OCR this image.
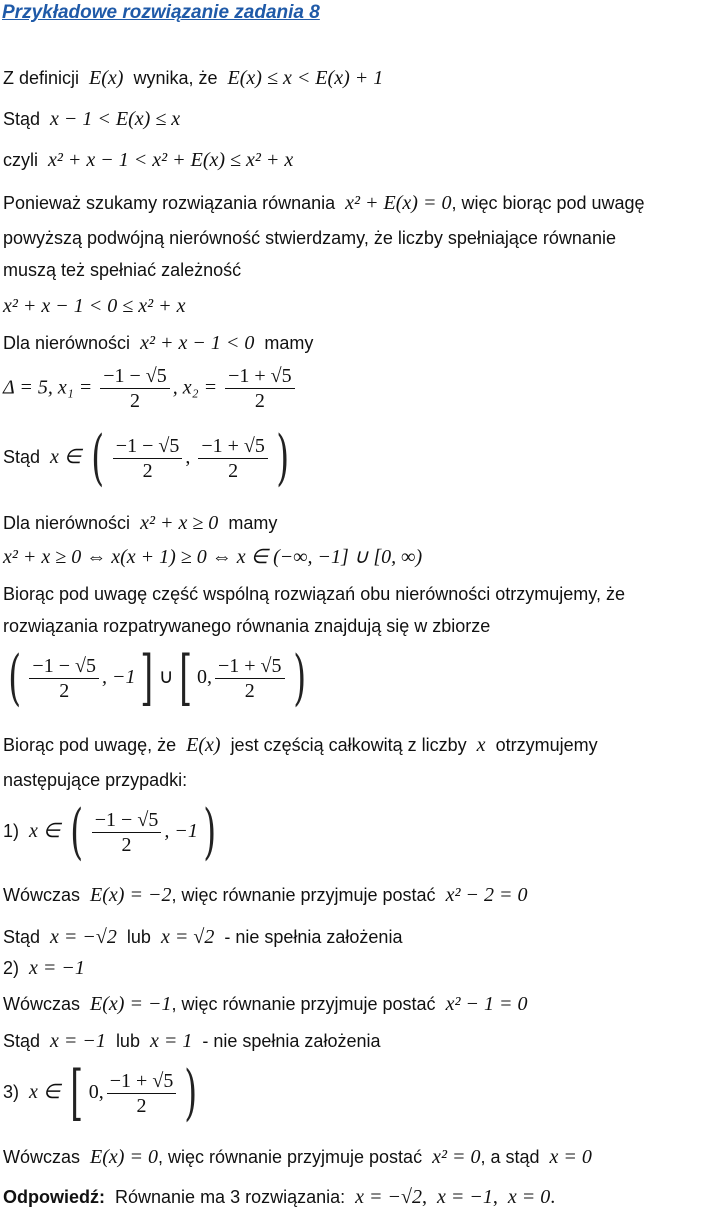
Przykładowe rozwiązanie zadania 8
Z definicji E(x) wynika, że E(x) ≤ x < E(x) + 1
Stąd x − 1 < E(x) ≤ x
czyli x² + x − 1 < x² + E(x) ≤ x² + x
Ponieważ szukamy rozwiązania równania x² + E(x) = 0, więc biorąc pod uwagę
powyższą podwójną nierówność stwierdzamy, że liczby spełniające równanie
muszą też spełniać zależność
x² + x − 1 < 0 ≤ x² + x
Dla nierówności x² + x − 1 < 0 mamy
Δ = 5, $x_1 = \frac{-1 - √5}{2}$ , $x_2 = \frac{-1 + √5}{2}$
Stąd x ∈ ( $\frac{-1 - √5}{2}$ , $\frac{-1 + √5}{2}$ )
Dla nierówności x² + x ≥ 0 mamy
x² + x ≥ 0 ⇔ x(x + 1) ≥ 0 ⇔ x ∈ (−∞, −1] ∪ [0, ∞)
Biorąc pod uwagę część wspólną rozwiązań obu nierówności otrzymujemy, że
rozwiązania rozpatrywanego równania znajdują się w zbiorze
( $\frac{-1 - √5}{2}$ , −1] ∪[ 0, $\frac{-1 + √5}{2}$ )
Biorąc pod uwagę, że E(x) jest częścią całkowitą z liczby x otrzymujemy
następujące przypadki:
1) x ∈ ( $\frac{-1 - √5}{2}$ , −1)
Wówczas E(x) = −2, więc równanie przyjmuje postać x² − 2 = 0
Stąd x = −√2 lub x = √2 - nie spełnia założenia
2) x = −1
Wówczas E(x) = −1, więc równanie przyjmuje postać x² − 1 = 0
Stąd x = −1 lub x = 1 - nie spełnia założenia
3) x ∈ [ 0, $\frac{-1 + √5}{2}$ )
Wówczas E(x) = 0, więc równanie przyjmuje postać x² = 0, a stąd x = 0
Odpowiedź: Równanie ma 3 rozwiązania: x = −√2, x = −1, x = 0.
